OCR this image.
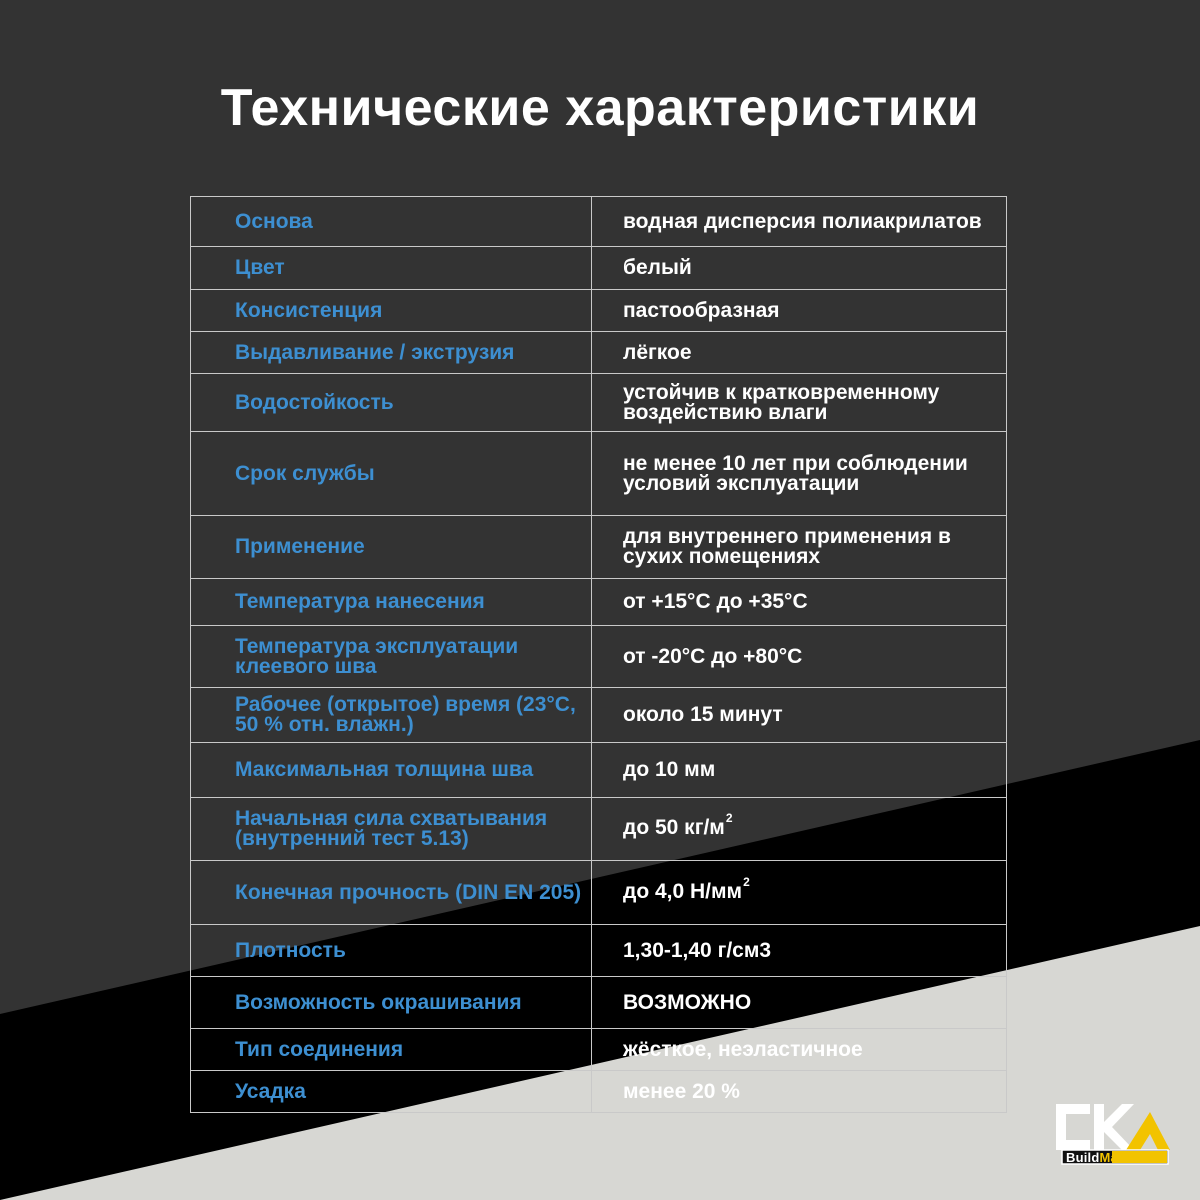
Технические характеристики
Основа	водная дисперсия полиакрилатов
Цвет	белый
Консистенция	пастообразная
Выдавливание / экструзия	лёгкое
Водостойкость	устойчив к кратковременному воздействию влаги
Срок службы	не менее 10 лет при соблюдении условий эксплуатации
Применение	для внутреннего применения в сухих помещениях
Температура нанесения	от +15°С до +35°С
Температура эксплуатации клеевого шва	от -20°С до +80°С
Рабочее (открытое) время (23°С, 50 % отн. влажн.)	около 15 минут
Максимальная толщина шва	до 10 мм
Начальная сила схватывания (внутренний тест 5.13)	до 50 $кг/м^2$
Конечная прочность (DIN EN 205)	до 4,0 $Н/мм^2$
Плотность	1,30-1,40 г/см3
Возможность окрашивания	ВОЗМОЖНО
Тип соединения	жёсткое, неэластичное
Усадка	менее 20 %
BuildMaster
